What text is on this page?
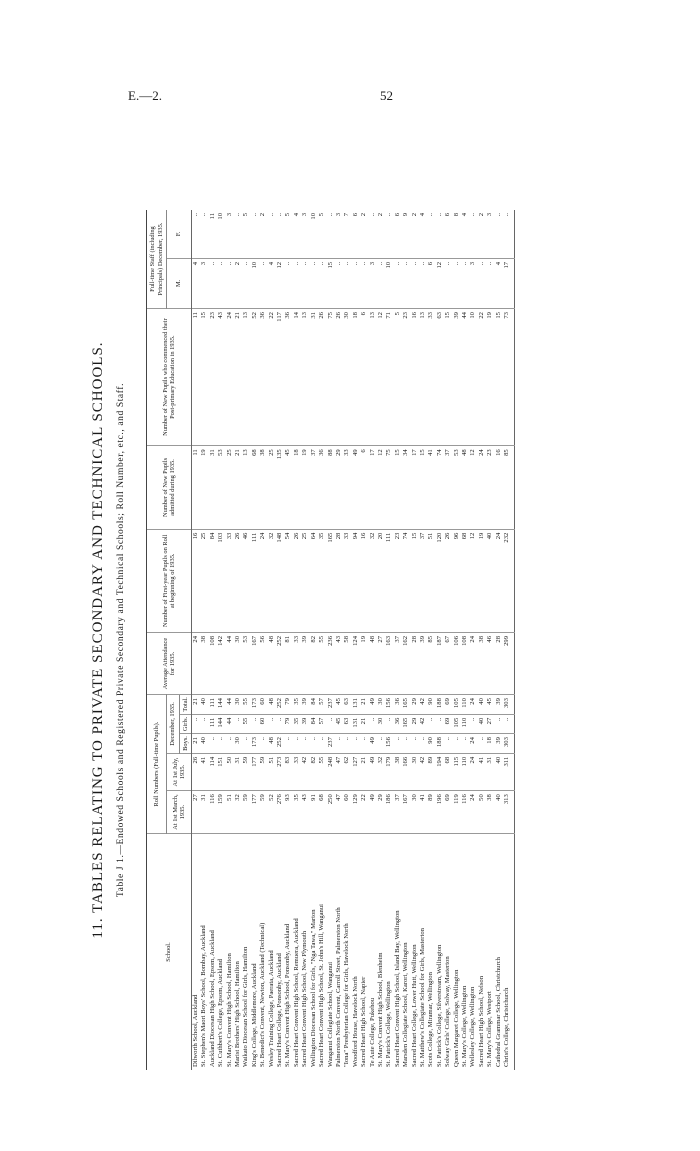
E.—2.	52
11. TABLES RELATING TO PRIVATE SECONDARY AND TECHNICAL SCHOOLS. Table J 1.—Endowed Schools and Registered Private Secondary and Technical Schools; Roll Number, etc., and Staff.
School.	Roll Numbers (Full-time Pupils).					Average Attendance for 1935.	Number of First-year Pupils on Roll at beginning of 1935.	Number of New Pupils admitted during 1935.	Number of New Pupils who commenced their Post-primary Education in 1935.	Full-time Staff (including Principals) December, 1935.	
	At 1st March, 1935.	At 1st July, 1935.	December, 1935.							M.	F.
			Boys.	Girls.	Total.						
Dilworth School, Auckland	27	26	21	..	21	24	16	11	11	4	..
St. Stephen's Maori Boys' School, Bombay, Auckland	31	41	40	..	40	38	25	19	15	3	..
Auckland Diocesan High School, Epsom, Auckland	116	114	..	111	111	108	84	31	23	..	11
St. Cuthbert's College, Epsom, Auckland	159	151	..	144	144	142	103	53	43	..	10
St. Mary's Convent High School, Hamilton	51	50	..	44	44	44	33	25	24	..	3
Marist Brothers' High School, Hamilton	32	31	30	..	30	30	26	21	21	2	..
Waikato Diocesan School for Girls, Hamilton	59	59	..	55	55	53	46	13	13	..	5
King's College, Middlemore, Auckland	177	177	173	..	173	167	111	68	52	10	..
St. Benedict's Convent, Newton, Auckland (Technical)	59	59	..	60	60	56	24	38	36	..	2
Wesley Training College, Paerata, Auckland	52	51	48	..	48	48	32	25	22	4	..
Sacred Heart College, Ponsonby, Auckland	276	273	252	..	252	252	148	135	117	12	..
St. Mary's Convent High School, Ponsonby, Auckland	93	83	..	79	79	81	54	45	36	..	5
Sacred Heart Convent High School, Remuera, Auckland	35	33	..	35	35	33	26	18	14	..	4
Sacred Heart Convent High School, New Plymouth	43	42	..	39	39	39	25	19	13	..	3
Wellington Diocesan School for Girls, "Nga Tawa," Marton	91	82	..	84	84	82	64	37	31	..	10
Sacred Heart Convent High School, St. John's Hill, Wanganui	68	55	..	57	57	55	35	36	26	..	5
Wanganui Collegiate School, Wanganui	250	248	237	..	237	236	165	88	75	15	..
Palmerston North Convent, Carroll Street, Palmerston North	47	47	..	45	45	43	28	29	26	..	3
"Iona" Presbyterian College for Girls, Havelock North	60	62	..	63	63	58	33	33	30	..	7
Woodford House, Havelock North	129	127	..	131	131	124	94	49	18	..	6
Sacred Heart High School, Napier	22	21	..	21	21	19	16	6	6	..	2
Te Aute College, Pukehou	49	49	49	..	49	48	32	17	13	3	..
St. Mary's Convent High School, Blenheim	29	32	..	30	30	27	20	12	12	..	2
St. Patrick's College, Wellington	186	179	156	..	156	163	111	75	71	10	..
Sacred Heart Convent High School, Island Bay, Wellington	37	38	..	36	36	37	23	15	5	..	6
Marsden Collegiate School, Karori, Wellington	167	166	..	165	165	162	74	34	23	..	9
Sacred Heart College, Lower Hutt, Wellington	30	30	..	29	29	28	15	17	16	..	2
St. Matthew's Collegiate School for Girls, Masterton	41	42	..	42	42	39	37	15	13	..	4
Scots College, Miramar, Wellington	89	89	90	..	90	85	51	41	33	6	..
St. Patrick's College, Silverstream, Wellington	196	194	188	..	188	187	120	74	63	12	..
Solway Girls' College, Solway, Masterton	69	68	..	69	69	67	26	37	15	..	6
Queen Margaret College, Wellington	119	115	..	105	105	106	96	53	39	..	8
St. Mary's College, Wellington	116	110	..	110	110	108	68	48	44	..	4
Wellesley College, Wellington	24	24	24	..	24	24	12	12	10	3	..
Sacred Heart High School, Nelson	50	41	..	40	40	38	19	24	22	..	2
St. Mary's College, Westport	38	31	18	27	45	46	40	23	19	..	3
Cathedral Grammar School, Christchurch	40	40	39	..	39	28	24	16	15	4	..
Christ's College, Christchurch	313	311	303	..	303	299	232	85	73	17	..
